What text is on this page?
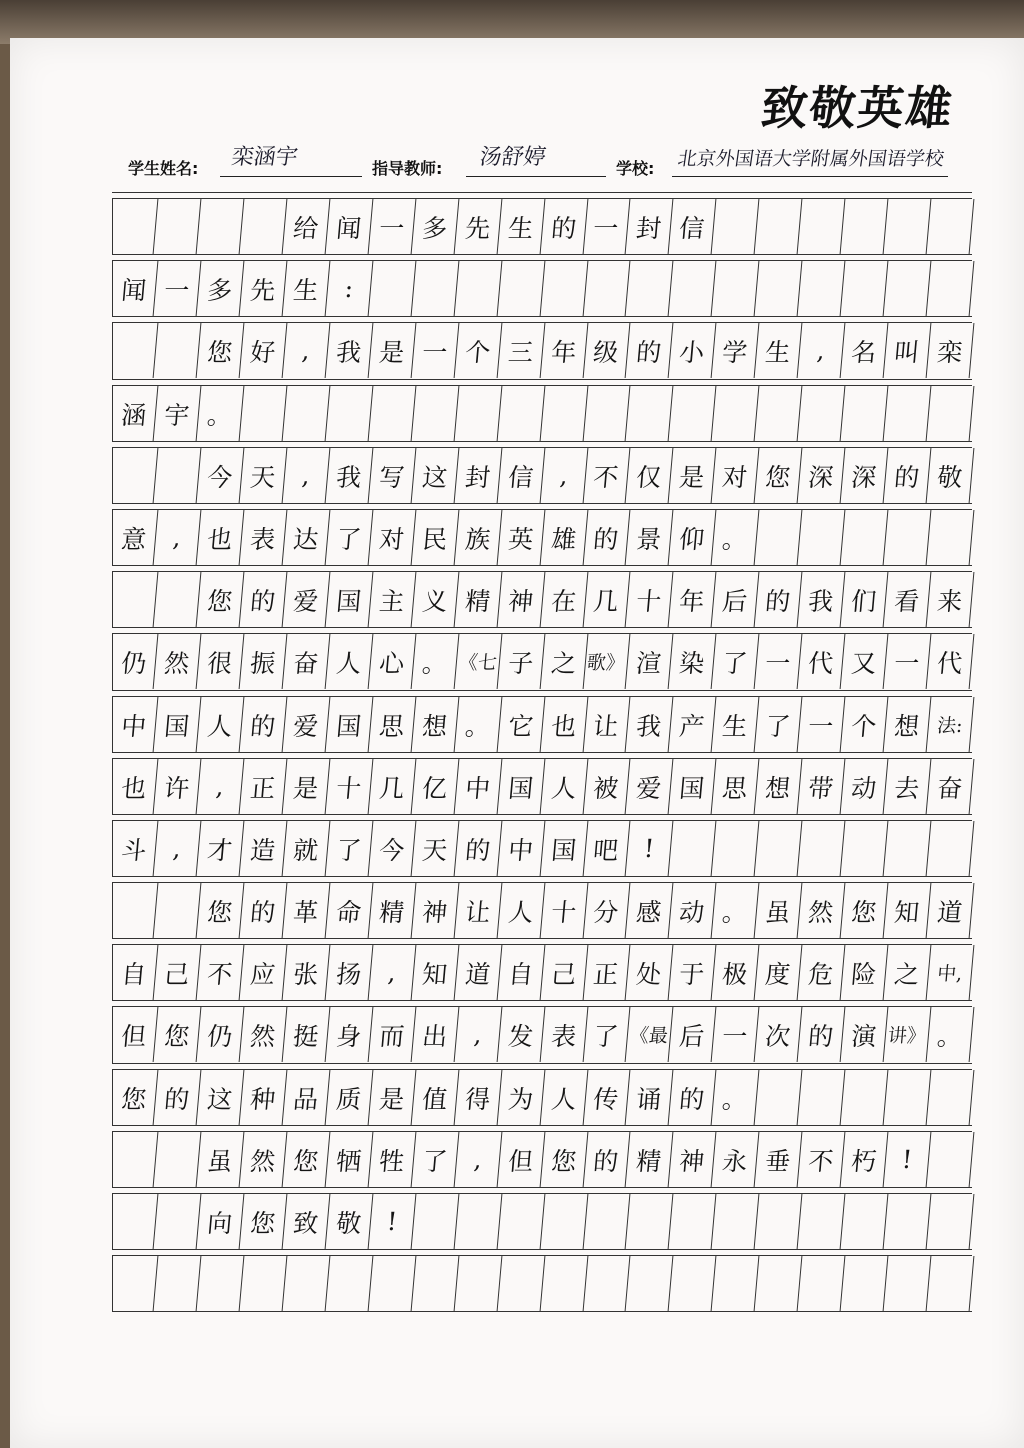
致敬英雄
学生姓名: 栾涵宇	指导教师: 汤舒婷	学校: 北京外国语大学附属外国语学校
给 闻 一 多 先 生 的 一 封 信
闻 一 多 先 生 :
您 好 , 我 是 一 个 三 年 级 的 小 学 生 , 名 叫 栾
涵 宇 。
今 天 , 我 写 这 封 信 , 不 仅 是 对 您 深 深 的 敬
意 , 也 表 达 了 对 民 族 英 雄 的 景 仰 。
您 的 爱 国 主 义 精 神 在 几 十 年 后 的 我 们 看 来
仍 然 很 振 奋 人 心 。 《七 子 之 歌》 渲 染 了 一 代 又 一 代
中 国 人 的 爱 国 思 想 。 它 也 让 我 产 生 了 一 个 想 法:
也 许 , 正 是 十 几 亿 中 国 人 被 爱 国 思 想 带 动 去 奋
斗 , 才 造 就 了 今 天 的 中 国 吧 !
您 的 革 命 精 神 让 人 十 分 感 动 。 虽 然 您 知 道
自 己 不 应 张 扬 , 知 道 自 己 正 处 于 极 度 危 险 之 中,
但 您 仍 然 挺 身 而 出 , 发 表 了 《最 后 一 次 的 演 讲》 。
您 的 这 种 品 质 是 值 得 为 人 传 诵 的 。
虽 然 您 牺 牲 了 , 但 您 的 精 神 永 垂 不 朽 !
向 您 致 敬 !
